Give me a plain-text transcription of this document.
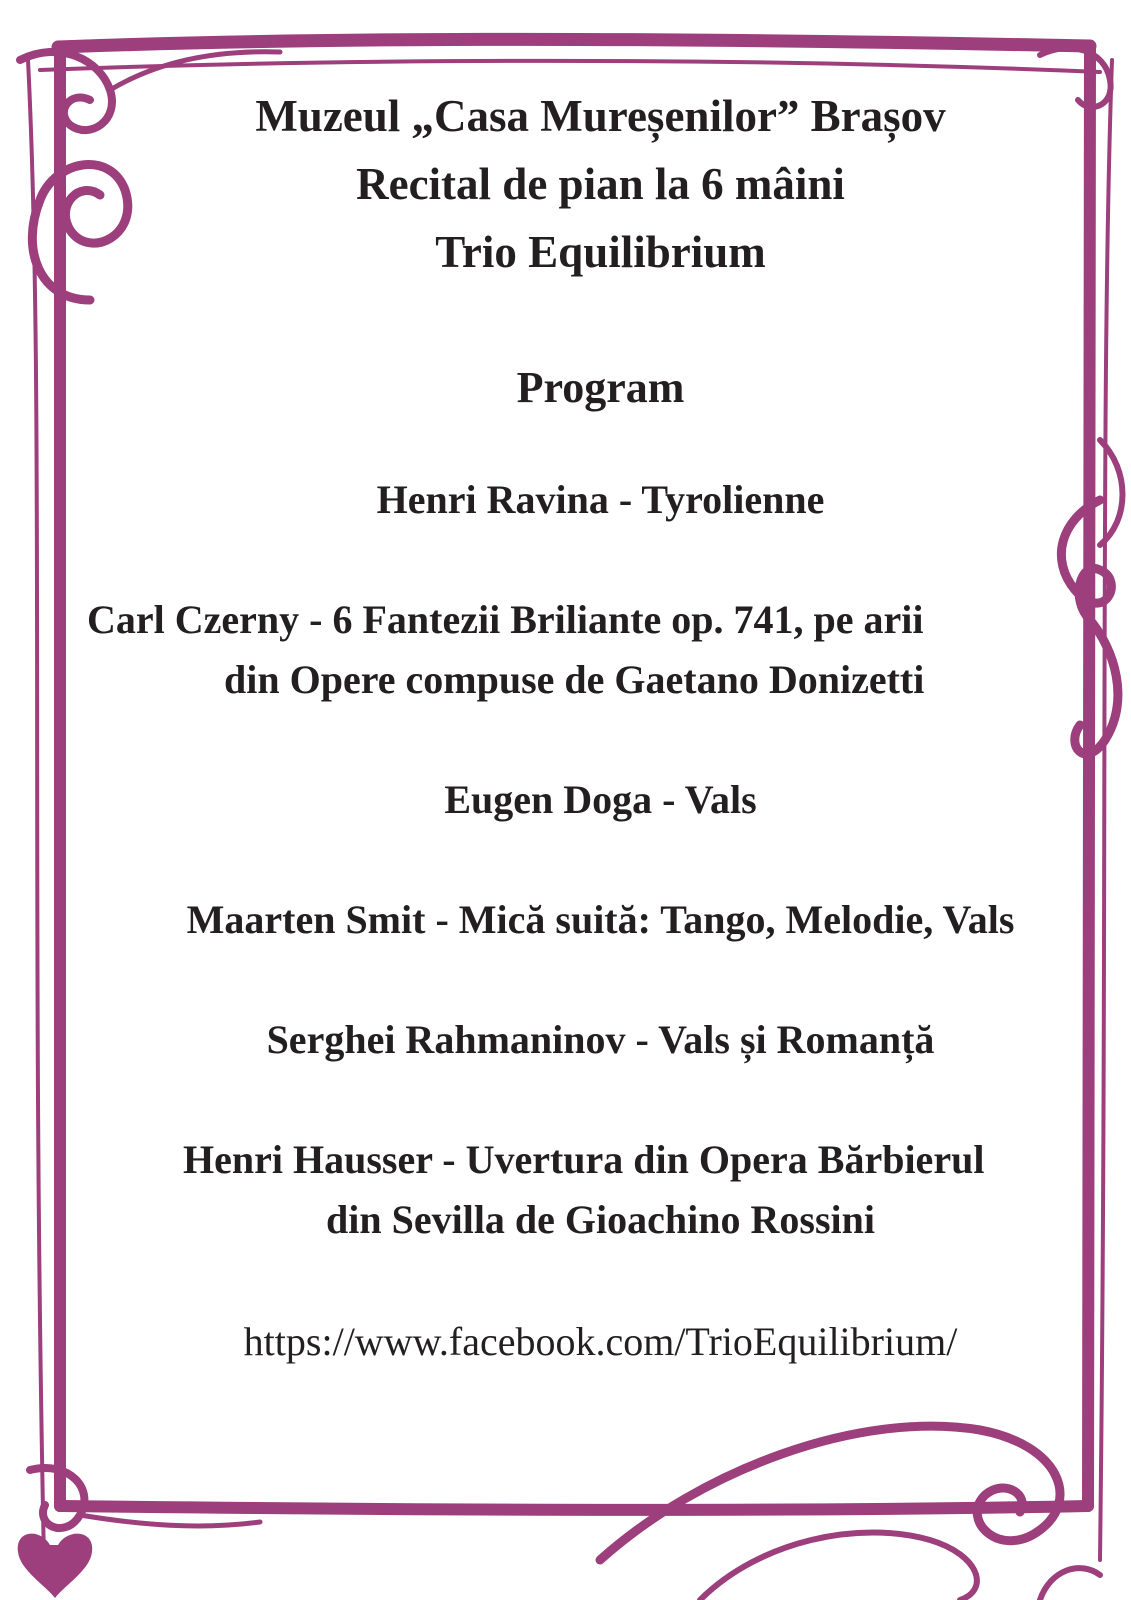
Muzeul „Casa Mureșenilor” Brașov
Recital de pian la 6 mâini
Trio Equilibrium
Program
Henri Ravina - Tyrolienne
Carl Czerny - 6 Fantezii Briliante op. 741, pe arii
din Opere compuse de Gaetano Donizetti
Eugen Doga - Vals
Maarten Smit - Mică suită: Tango, Melodie, Vals
Serghei Rahmaninov - Vals și Romanță
Henri Hausser - Uvertura din Opera Bărbierul
din Sevilla de Gioachino Rossini
https://www.facebook.com/TrioEquilibrium/
